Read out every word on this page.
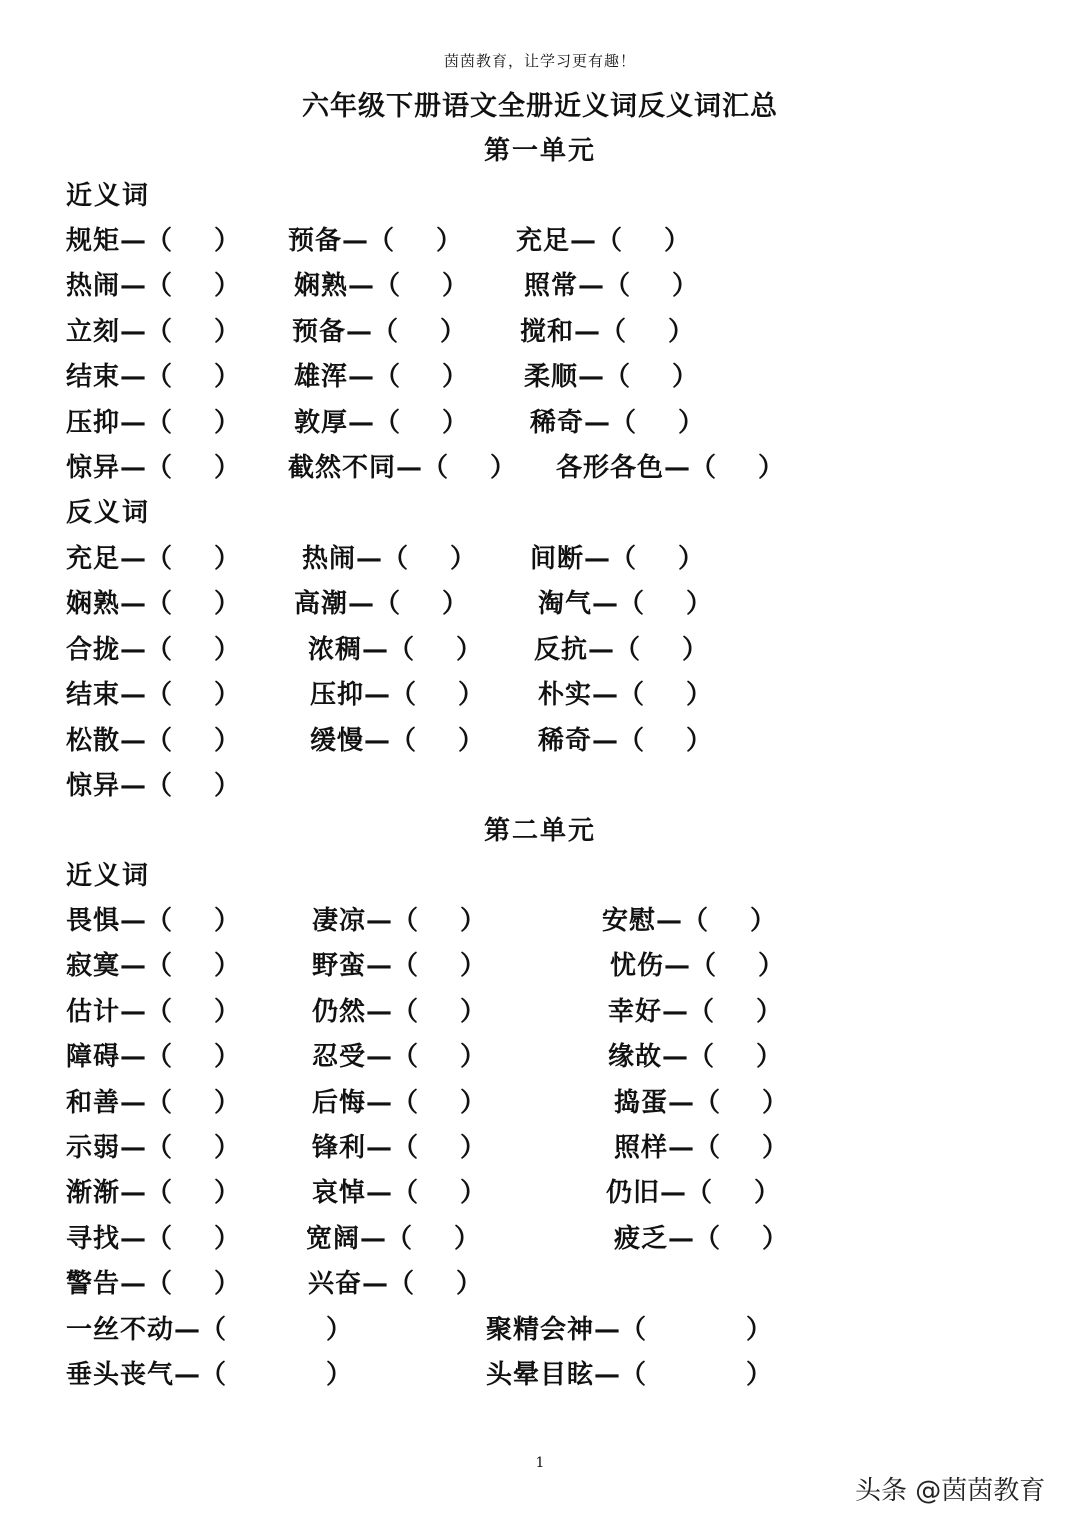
茵茵教育，让学习更有趣！
六年级下册语文全册近义词反义词汇总
第一单元
近义词
规矩—（ ） 预备—（ ） 充足—（ ）
热闹—（ ） 娴熟—（ ） 照常—（ ）
立刻—（ ） 预备—（ ） 搅和—（ ）
结束—（ ） 雄浑—（ ） 柔顺—（ ）
压抑—（ ） 敦厚—（ ） 稀奇—（ ）
惊异—（ ） 截然不同—（ ） 各形各色—（ ）
反义词
充足—（ ） 热闹—（ ） 间断—（ ）
娴熟—（ ） 高潮—（ ）	淘气—（ ）
合拢—（ ）	浓稠—（ ） 反抗—（ ）
结束—（ ）	压抑—（ ） 朴实—（ ）
松散—（ ）	缓慢—（ ） 稀奇—（ ）
惊异—（ ）
第二单元
近义词
畏惧—（ ）	凄凉—（ ）	安慰—（ ）
寂寞—（ ）	野蛮—（ ）	忧伤—（ ）
估计—（ ）	仍然—（ ）	幸好—（ ）
障碍—（ ）	忍受—（ ）	缘故—（ ）
和善—（ ）	后悔—（ ）	捣蛋—（ ）
示弱—（ ）	锋利—（ ）	照样—（ ）
渐渐—（ ）	哀悼—（ ）	仍旧—（ ）
寻找—（ ）	宽阔—（ ）	疲乏—（ ）
警告—（ ）	兴奋—（ ）
一丝不动—（	）	聚精会神—（	）
垂头丧气—（	）	头晕目眩—（	）
1
头条 @茵茵教育
